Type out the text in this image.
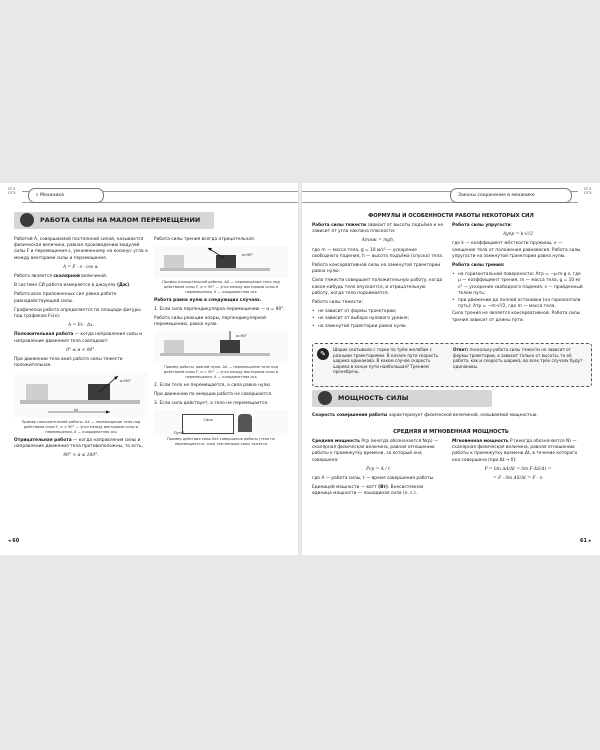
ЕГЭ
ОГЭ	⌕ Механика
РАБОТА СИЛЫ НА МАЛОМ ПЕРЕМЕЩЕНИИ

Работой A, совершаемой постоянной силой, называется физическая величина, равная произведению модулей силы F и перемещения s, умноженному на косинус угла α между векторами силы и перемещения.

A = F · s · cos α.

Работа является скалярной величиной.

В системе СИ работа измеряется в джоулях (Дж).

Работа всех приложенных сил равна работе равнодействующей силы.

Графически работа определяется по площади фигуры под графиком Fs(x):

A = Fs · Δx.

Положительная работа — когда направления силы и направление движения тела совпадают:

0° ≤ α < 90°.

При движении тела вниз работа силы тяжести положительная.

α<90°
Δx
Пример положительной работы. ΔX — перемещение тела под действием силы F, α < 90° — угол между векторами силы и перемещения, X — координатная ось

Отрицательная работа — когда направления силы и направление движения тела противоположны, то есть,

90° < α ≤ 180°.

Работа силы трения всегда отрицательная.

α>90°
Пример отрицательной работы. ΔX — перемещение тела под действием силы F, α > 90° — угол между векторами силы и перемещения, X — координатная ось

Работа равна нулю в следующих случаях.

1. Если сила перпендикулярна перемещению — α = 90°.

Работа силы реакции опоры, перпендикулярной перемещению, равна нулю.

α=90°
Пример работы, равной нулю. ΔX — перемещение тела под действием силы F, α = 90° — угол между векторами силы и перемещения, X — координатная ось

2. Если тело не перемещается, а сила равна нулю.

При движении по инерции работа не совершается.

3. Если сила действует, а тело не перемещается.

Сила
Путь?
Пример действия силы без совершения работы (тело не перемещается): сила тем меньше силы тяжести
◂ 60
Законы сохранения в механике
ЕГЭ
ОГЭ
ФОРМУЛЫ И ОСОБЕННОСТИ РАБОТЫ НЕКОТОРЫХ СИЛ

Работа силы тяжести зависит от высоты подъёма и не зависит от угла наклона плоскости:

Aтяж = mgh,

где m — масса тела, g = 10 м/с² — ускорение свободного падения, h — высота подъёма (спуска) тела.

Работа консервативной силы на замкнутой траектории равна нулю.

Сила тяжести совершает положительную работу, когда какое-нибудь тело опускается, и отрицательную работу, когда тело поднимается.

Работа силы тяжести:

• не зависит от формы траектории;
• не зависит от выбора нулевого уровня;
• на замкнутой траектории равна нулю.

Работа силы упругости:

Aупр = k·x²/2

где k — коэффициент жёсткости пружины, x — смещение тела от положения равновесия. Работа силы упругости на замкнутой траектории равна нулю.

Работа силы трения:

• на горизонтальной поверхности: Aтр = −μ·m·g·s, где μ — коэффициент трения, m — масса тела, g = 10 м/с² — ускорение свободного падения, s — пройденный телом путь;
• при движении до полной остановки (на горизонтали путь): Aтр = −m·v²/2, где m — масса тела.

Сила трения не является консервативной. Работа силы трения зависит от длины пути.

✎
Шарик скатывали с горки по трём желобам с разными траекториями. В начале пути скорость шарика одинакова. В каком случае скорость шарика в конце пути наибольшая? Трением пренебречь.
Ответ: поскольку работа силы тяжести не зависит от формы траектории, а зависит только от высоты, то её работа, как и скорость шарика, во всех трёх случаях будут одинаковы.
МОЩНОСТЬ СИЛЫ
Скорость совершения работы характеризует физической величиной, называемой мощностью.
СРЕДНЯЯ И МГНОВЕННАЯ МОЩНОСТЬ

Средняя мощность Pср (иногда обозначается Nср) — скалярная физическая величина, равная отношению работы к промежутку времени, за который она совершена:

Pср = A / t

где A — работа силы, t — время совершения работы.

Единицей мощности — ватт (Вт). Внесистемная единица мощности — лошадиная сила (л. с.).

Мгновенная мощность P (иногда обозначается N) — скалярная физическая величина, равная отношению работы к промежутку времени Δt, в течение которого она совершена (при Δt → 0):

P = lim ΔA/Δt = lim F·ΔS/Δt =
= F · lim ΔS/Δt = F · v.
61 ▸
